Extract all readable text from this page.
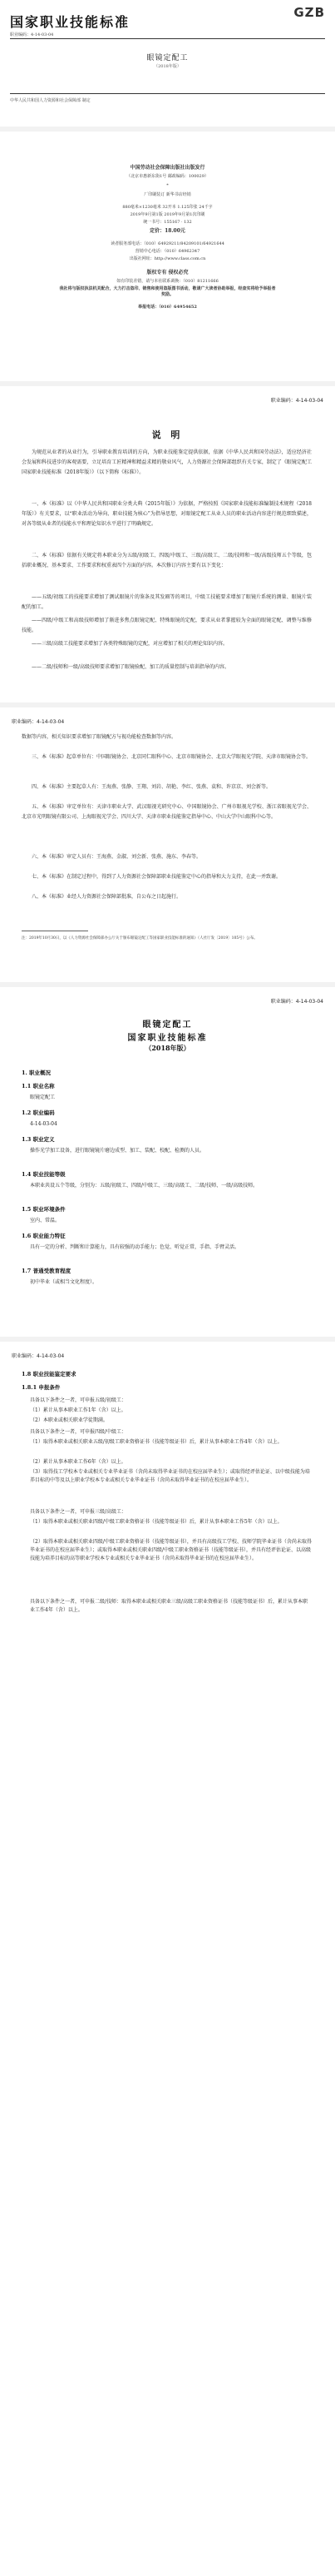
GZB
国家职业技能标准
职业编码：4-14-03-04
眼镜定配工
（2018年版）
中华人民共和国人力资源和社会保障部 制定
中国劳动社会保障出版社出版发行
（北京市惠新东街1号 邮政编码：100029）
*
厂印刷装订 新华书店经销
880毫米×1230毫米 32开本 1.125印张 24千字
2019年9月第1版 2019年9月第1次印刷
统一书号：155167 · 132
定价：18.00元
读者服务部电话：（010）64929211/84209101/64921644
营销中心电话：（010）64962347
出版社网址：http://www.class.com.cn
版权专有 侵权必究
如有印装差错，请与本社联系调换：（010）81211666
我社将与版权执法机关配合，大力打击盗印、销售和使用盗版图书活动，敬请广大读者协助举报，经查实将给予举报者奖励。
举报电话：（010）64954652
职业编码：4-14-03-04
说 明
为规范从业者的从业行为，引导职业教育培训的方向，为职业技能鉴定提供依据，依据《中华人民共和国劳动法》，适应经济社会发展和科技进步的客观需要，立足培育工匠精神和精益求精的敬业风气，人力资源社会保障部组织有关专家，制定了《眼镜定配工国家职业技能标准（2018年版）》（以下简称《标准》）。
一、本《标准》以《中华人民共和国职业分类大典（2015年版）》为依据，严格按照《国家职业技能标准编制技术规程（2018年版）》有关要求，以“职业活动为导向、职业技能为核心”为指导思想，对眼镜定配工从业人员的职业活动内容进行规范细致描述，对各等级从业者的技能水平和理论知识水平进行了明确规定。
二、本《标准》依据有关规定将本职业分为五级/初级工、四级/中级工、三级/高级工、二级/技师和一级/高级技师五个等级，包括职业概况、基本要求、工作要求和权重表四个方面的内容。本次修订内容主要有以下变化：
——五级/初级工的技能要求增加了测试眼镜片的鉴条及其发圈等的项目，中级工技能要求增加了眼镜片系统的测量、眼镜片装配的加工。
——四级/中级工和高级技师增加了渐进多焦点眼镜定配、特殊眼镜的定配，要求从业者掌握较为全面的眼镜定配、调整与维修技能。
——三级/高级工技能要求增加了各类特殊眼镜的定配，对应增加了相关的理论知识内容。
——二级/技师和一级/高级技师要求增加了眼镜验配、加工的质量控制与培训指导的内容。
职业编码：4-14-03-04
数据等内容，相关知识要求增加了眼镜配方与视功能检查数据等内容。
三、本《标准》起草单位有：中国眼镜协会、北京同仁眼科中心、北京市眼镜协会、北京大学眼视光学院、天津市眼镜协会等。
四、本《标准》主要起草人有：王海燕、张静、王翔、刘岩、胡艳、李红、张燕、袁和、许京京、刘会新等。
五、本《标准》审定单位有：天津市职业大学、武汉眼视光研究中心、中国眼镜协会、广州市眼视光学校、浙江省眼视光学会、北京市光明眼镜有限公司、上海眼视光学会、四川大学、天津市职业技能鉴定指导中心、中山大学中山眼科中心等。
六、本《标准》审定人员有：王海燕、金淑、刘会新、张燕、施东、李春等。
七、本《标准》在制定过程中，得到了人力资源社会保障部职业技能鉴定中心的指导和大力支持，在此一并致谢。
八、本《标准》业经人力资源社会保障部批准，自公布之日起施行。
注：2019年10月30日，以《人力资源社会保障部办公厅关于颁布眼镜定配工等国家职业技能标准的通知》（人社厅发〔2019〕105号）公布。
职业编码：4-14-03-04
眼镜定配工
国家职业技能标准
（2018年版）
1. 职业概况
1.1 职业名称
眼镜定配工
1.2 职业编码
4-14-03-04
1.3 职业定义
操作光学加工设备，进行眼镜镜片磨边成型、加工、装配、校配、检测的人员。
1.4 职业技能等级
本职业共设五个等级，分别为：五级/初级工、四级/中级工、三级/高级工、二级/技师、一级/高级技师。
1.5 职业环境条件
室内、常温。
1.6 职业能力特征
具有一定的分析、判断和计算能力，具有较强的动手能力；色觉、听觉正常，手指、手臂灵活。
1.7 普通受教育程度
初中毕业（或相当文化程度）。
职业编码：4-14-03-04
1.8 职业技能鉴定要求
1.8.1 申报条件
具备以下条件之一者，可申报五级/初级工：
（1）累计从事本职业工作1年（含）以上。
（2）本职业或相关职业学徒期满。
具备以下条件之一者，可申报四级/中级工：
（1）取得本职业或相关职业五级/初级工职业资格证书（技能等级证书）后，累计从事本职业工作4年（含）以上。
（2）累计从事本职业工作6年（含）以上。
（3）取得技工学校本专业或相关专业毕业证书（含尚未取得毕业证书的在校应届毕业生）；或取得经评估论证、以中级技能为培养目标的中等及以上职业学校本专业或相关专业毕业证书（含尚未取得毕业证书的在校应届毕业生）。
具备以下条件之一者，可申报三级/高级工：
（1）取得本职业或相关职业四级/中级工职业资格证书（技能等级证书）后，累计从事本职业工作5年（含）以上。
（2）取得本职业或相关职业四级/中级工职业资格证书（技能等级证书），并具有高级技工学校、技师学院毕业证书（含尚未取得毕业证书的在校应届毕业生）；或取得本职业或相关职业四级/中级工职业资格证书（技能等级证书），并具有经评估论证、以高级技能为培养目标的高等职业学校本专业或相关专业毕业证书（含尚未取得毕业证书的在校应届毕业生）。
具备以下条件之一者，可申报二级/技师：取得本职业或相关职业三级/高级工职业资格证书（技能等级证书）后，累计从事本职业工作4年（含）以上。
